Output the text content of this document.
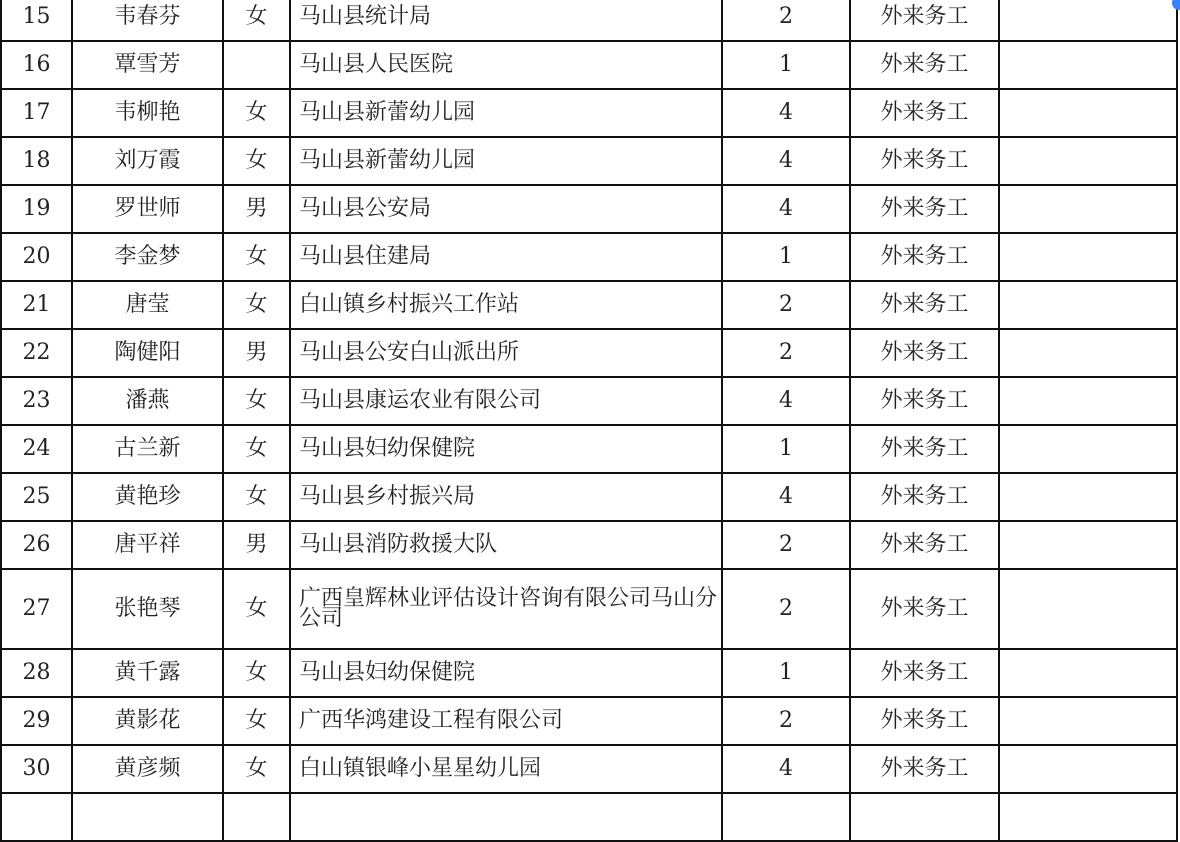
15	韦春芬	女	马山县统计局	2	外来务工	
16	覃雪芳		马山县人民医院	1	外来务工	
17	韦柳艳	女	马山县新蕾幼儿园	4	外来务工	
18	刘万霞	女	马山县新蕾幼儿园	4	外来务工	
19	罗世师	男	马山县公安局	4	外来务工	
20	李金梦	女	马山县住建局	1	外来务工	
21	唐莹	女	白山镇乡村振兴工作站	2	外来务工	
22	陶健阳	男	马山县公安白山派出所	2	外来务工	
23	潘燕	女	马山县康运农业有限公司	4	外来务工	
24	古兰新	女	马山县妇幼保健院	1	外来务工	
25	黄艳珍	女	马山县乡村振兴局	4	外来务工	
26	唐平祥	男	马山县消防救援大队	2	外来务工	
27	张艳琴	女	广西皇辉林业评估设计咨询有限公司马山分公司	2	外来务工	
28	黄千露	女	马山县妇幼保健院	1	外来务工	
29	黄影花	女	广西华鸿建设工程有限公司	2	外来务工	
30	黄彦频	女	白山镇银峰小星星幼儿园	4	外来务工	
